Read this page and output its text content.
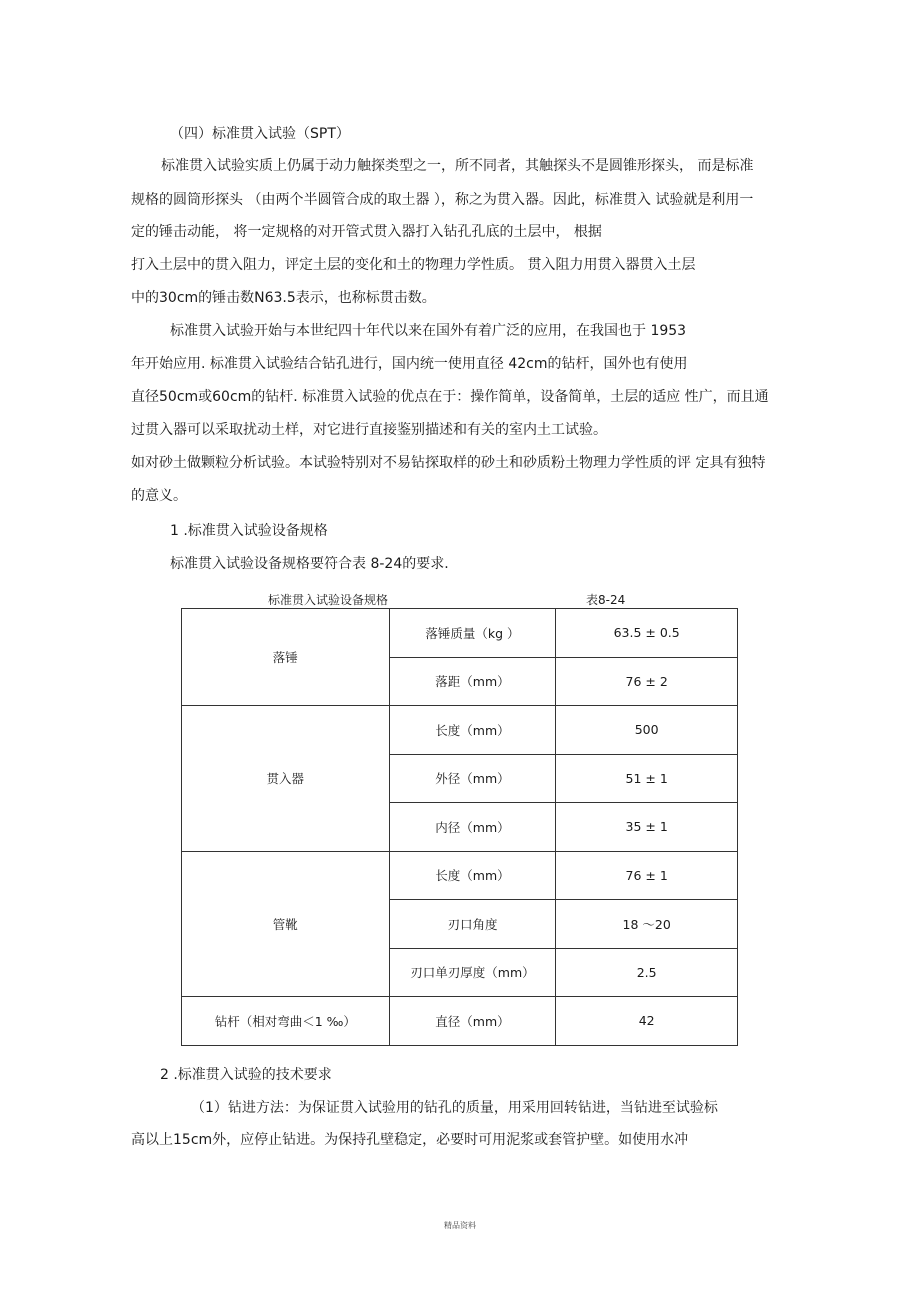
（四）标准贯入试验（SPT）
标准贯入试验实质上仍属于动力触探类型之一，所不同者，其触探头不是圆锥形探头， 而是标准
规格的圆筒形探头 （由两个半圆管合成的取土器 ），称之为贯入器。因此，标准贯入 试验就是利用一
定的锤击动能， 将一定规格的对开管式贯入器打入钻孔孔底的土层中， 根据
打入土层中的贯入阻力，评定土层的变化和土的物理力学性质。 贯入阻力用贯入器贯入土层
中的30cm的锤击数N63.5表示，也称标贯击数。
标准贯入试验开始与本世纪四十年代以来在国外有着广泛的应用，在我国也于 1953
年开始应用. 标准贯入试验结合钻孔进行，国内统一使用直径 42cm的钻杆，国外也有使用
直径50cm或60cm的钻杆. 标准贯入试验的优点在于：操作简单，设备简单，土层的适应 性广，而且通
过贯入器可以采取扰动土样，对它进行直接鉴别描述和有关的室内土工试验。
如对砂土做颗粒分析试验。本试验特别对不易钻探取样的砂土和砂质粉土物理力学性质的评 定具有独特
的意义。
1 .标准贯入试验设备规格
标准贯入试验设备规格要符合表 8-24的要求.
标准贯入试验设备规格	表8-24
落锤	落锤质量（kg ）	63.5 ± 0.5
	落距（mm）	76 ± 2
贯入器	长度（mm）	500
	外径（mm）	51 ± 1
	内径（mm）	35 ± 1
管靴	长度（mm）	76 ± 1
	刃口角度	18 ～20
	刃口单刃厚度（mm）	2.5
钻杆（相对弯曲＜1 ‰）	直径（mm）	42
2 .标准贯入试验的技术要求
（1）钻进方法：为保证贯入试验用的钻孔的质量，用采用回转钻进，当钻进至试验标
高以上15cm外，应停止钻进。为保持孔壁稳定，必要时可用泥浆或套管护壁。如使用水冲
精品资料
